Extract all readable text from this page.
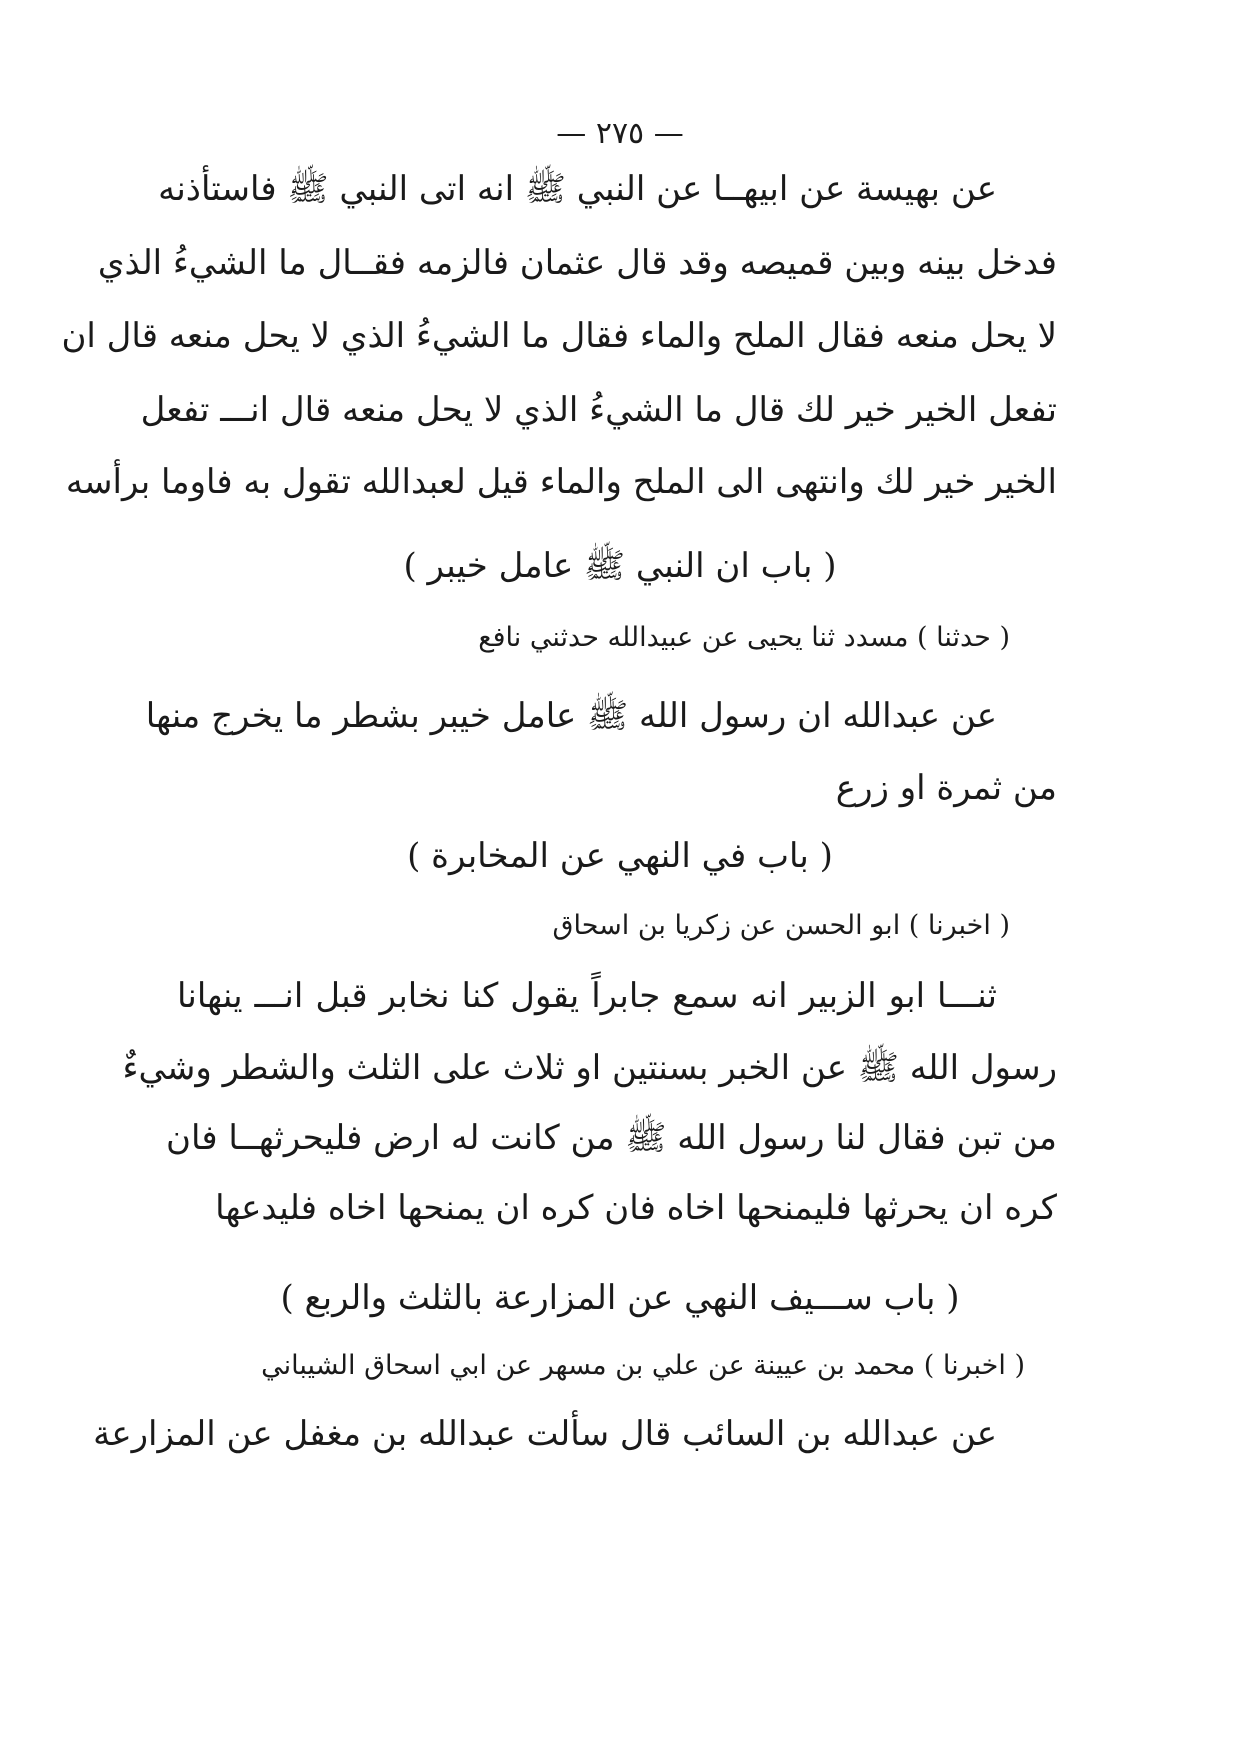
— ٢٧٥ —
عن بهيسة عن ابيهــا عن النبي ﷺ انه اتى النبي ﷺ فاستأذنه
فدخل بينه وبين قميصه وقد قال عثمان فالزمه فقــال ما الشيءُ الذي
لا يحل منعه فقال الملح والماء فقال ما الشيءُ الذي لا يحل منعه قال ان
تفعل الخير خير لك قال ما الشيءُ الذي لا يحل منعه قال انـــ تفعل
الخير خير لك وانتهى الى الملح والماء قيل لعبدالله تقول به فاوما برأسه
( باب ان النبي ﷺ عامل خيبر )
( حدثنا ) مسدد ثنا يحيى عن عبيدالله حدثني نافع
عن عبدالله ان رسول الله ﷺ عامل خيبر بشطر ما يخرج منها
من ثمرة او زرع
( باب في النهي عن المخابرة )
( اخبرنا ) ابو الحسن عن زكريا بن اسحاق
ثنـــا ابو الزبير انه سمع جابراً يقول كنا نخابر قبل انـــ ينهانا
رسول الله ﷺ عن الخبر بسنتين او ثلاث على الثلث والشطر وشيءٌ
من تبن فقال لنا رسول الله ﷺ من كانت له ارض فليحرثهــا فان
كره ان يحرثها فليمنحها اخاه فان كره ان يمنحها اخاه فليدعها
( باب ســـيف النهي عن المزارعة بالثلث والربع )
( اخبرنا ) محمد بن عيينة عن علي بن مسهر عن ابي اسحاق الشيباني
عن عبدالله بن السائب قال سألت عبدالله بن مغفل عن المزارعة
